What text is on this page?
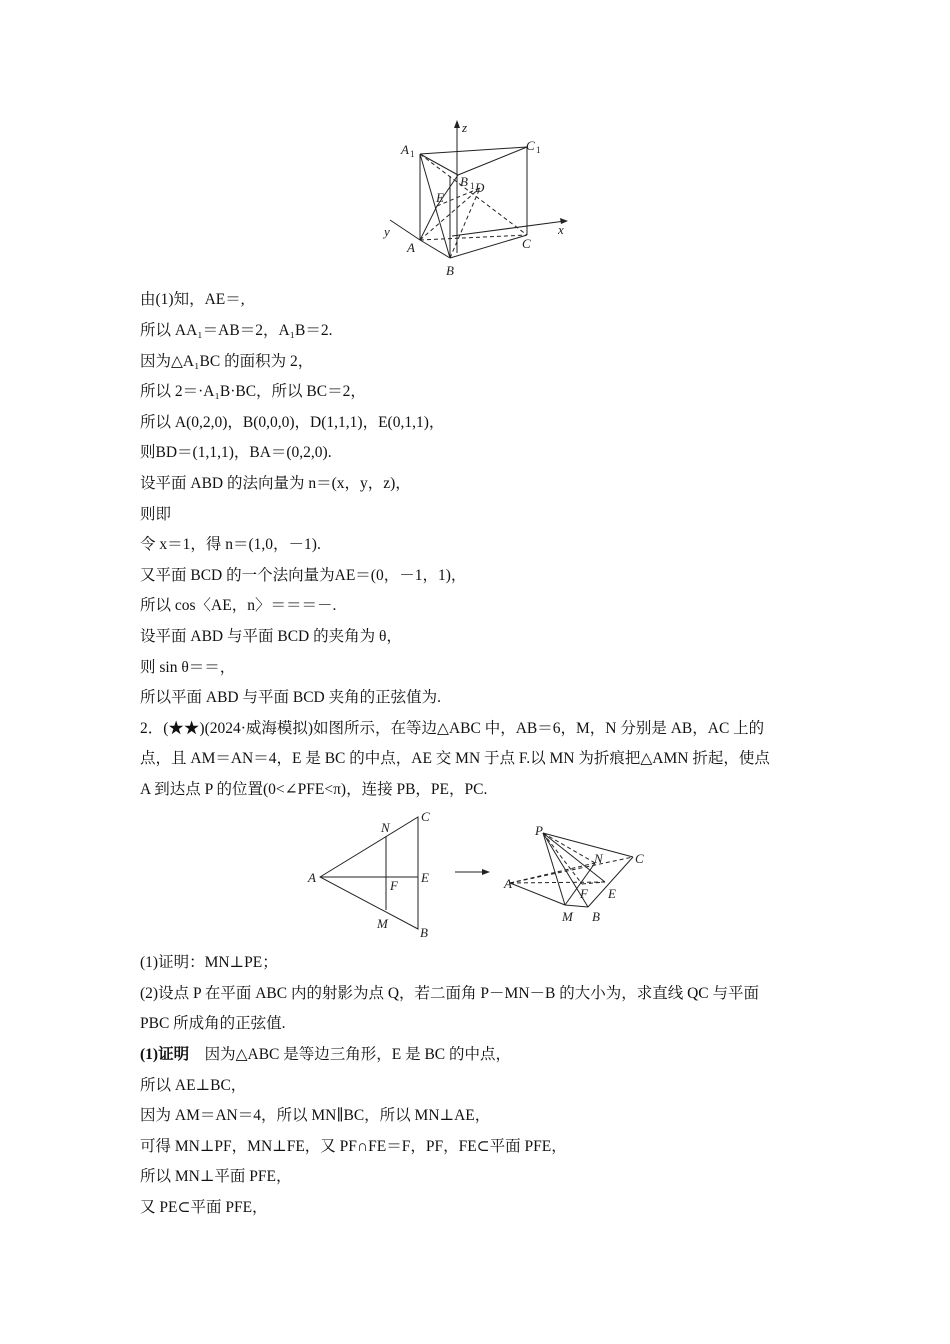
z
y	x
A 1
C 1
B 1 D
E
A
B
C
由(1)知，AE＝,
所以 AA₁＝AB＝2，A₁B＝2.
因为△A₁BC 的面积为 2，
所以 2＝·A₁B·BC，所以 BC＝2，
所以 A(0,2,0)，B(0,0,0)，D(1,1,1)，E(0,1,1)，
则BD＝(1,1,1)，BA＝(0,2,0).
设平面 ABD 的法向量为 n＝(x，y，z)，
则即
令 x＝1，得 n＝(1,0，－1).
又平面 BCD 的一个法向量为AE＝(0，－1，1)，
所以 cos〈AE，n〉＝＝＝－.
设平面 ABD 与平面 BCD 的夹角为 θ，
则 sin θ＝＝，
所以平面 ABD 与平面 BCD 夹角的正弦值为.
2．(★★)(2024·威海模拟)如图所示，在等边△ABC 中，AB＝6，M，N 分别是 AB，AC 上的
点，且 AM＝AN＝4，E 是 BC 的中点，AE 交 MN 于点 F.以 MN 为折痕把△AMN 折起，使点
A 到达点 P 的位置(0<∠PFE<π)，连接 PB，PE，PC.
A
B
C
N
M
E
F
P
A
N C
F E
M B
(1)证明：MN⊥PE；
(2)设点 P 在平面 ABC 内的射影为点 Q，若二面角 P－MN－B 的大小为，求直线 QC 与平面
PBC 所成角的正弦值.
(1)证明 因为△ABC 是等边三角形，E 是 BC 的中点，
所以 AE⊥BC，
因为 AM＝AN＝4，所以 MN∥BC，所以 MN⊥AE，
可得 MN⊥PF，MN⊥FE，又 PF∩FE＝F，PF，FE⊂平面 PFE，
所以 MN⊥平面 PFE，
又 PE⊂平面 PFE，
